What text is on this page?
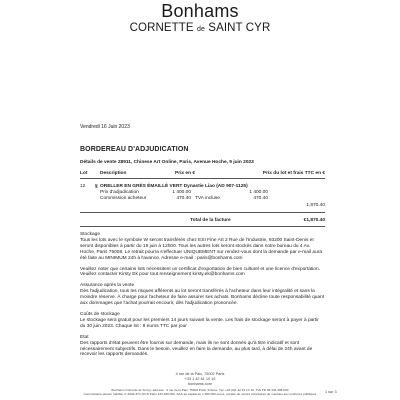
Bonhams
CORNETTE de SAINT CYR
Vendredi 16 Juin 2023
BORDEREAU D'ADJUDICATION
Détails de vente 28911, Chinese Art Online, Paris, Avenue Hoche, 9 juin 2023
Lot	Description	Prix en €	Prix du lot et frais TTC en €
12 § ORELLER EN GRÈS ÉMAILLÉ VERT Dynastie Liao (AD 907-1125)
Prix d'adjudication	1 400.00	1 400.00
Commission acheteur	470.40 TVA incluse	470.40
1,870.40
Total de la facture	€1,870.40

Stockage

Tous les lots avec le symbole W seront transférés chez ESI Fine Art 2 Rue de l'Industrie, 93200 Saint-Denis et seront disponibles à partir du 19 juin à 12h00. Tous les autres lots seront stockés dans notre bureau du 4 Av. Hoche, Paris 75008. Le retrait pourra s'effectuer UNIQUEMENT sur rendez-vous dont la demande par e-mail aura été faite au MINIMUM 24h à l'avance. Adresse e-mail : paris@bonhams.com

Veuillez noter que certains lots nécessitent un certificat d'exportation de bien culturel et une licence d'exportation. Veuillez contacter Kirsty Ek pour tout renseignement kirsty.ek@bonhams.com

Assurance après la vente

Dès l'adjudication, tous les risques afférents au lot seront transférés à l'acheteur dans leur intégralité et sans la moindre réserve. À charge pour l'acheteur de faire assurer ses achats. Bonhams décline toute responsabilité quant aux dommages que l'achat pourrait encourir, dès l'adjudication prononcée.

Coûts de stockage

Le stockage sera gratuit pour les premiers 14 jours suivant la vente. Les frais de stockage seront à payer à partir du 30 juin 2023. Chaque lot : 8 euros TTC par jour

Etat

Des rapports d'état peuvent être fournis sur demande, mais ils ne sont donnés qu'à titre indicatif et sont nécessairement subjectifs. Dans le besoin, veuillez en faire la demande, au plus tard, à délai de 24h avant de recevoir les rapports demandés.

4 rue de la Paix, 75002 Paris
+33 1 42 61 10 10
bonhams.com
Bonhams Cornette de St Cyr, adresse : 4 rue de la Paix, 75002 Paris, France, Tél: +33 (0)1 42 61 10 10, TVA FR 96 434 488 000
Commissaire-priseur habilité n° 2002-374, RCS Paris 434 488 000. SAS au capital de 1 500 000 euros, société de ventes volontaires de meubles aux enchères publiques	1 sur 3
